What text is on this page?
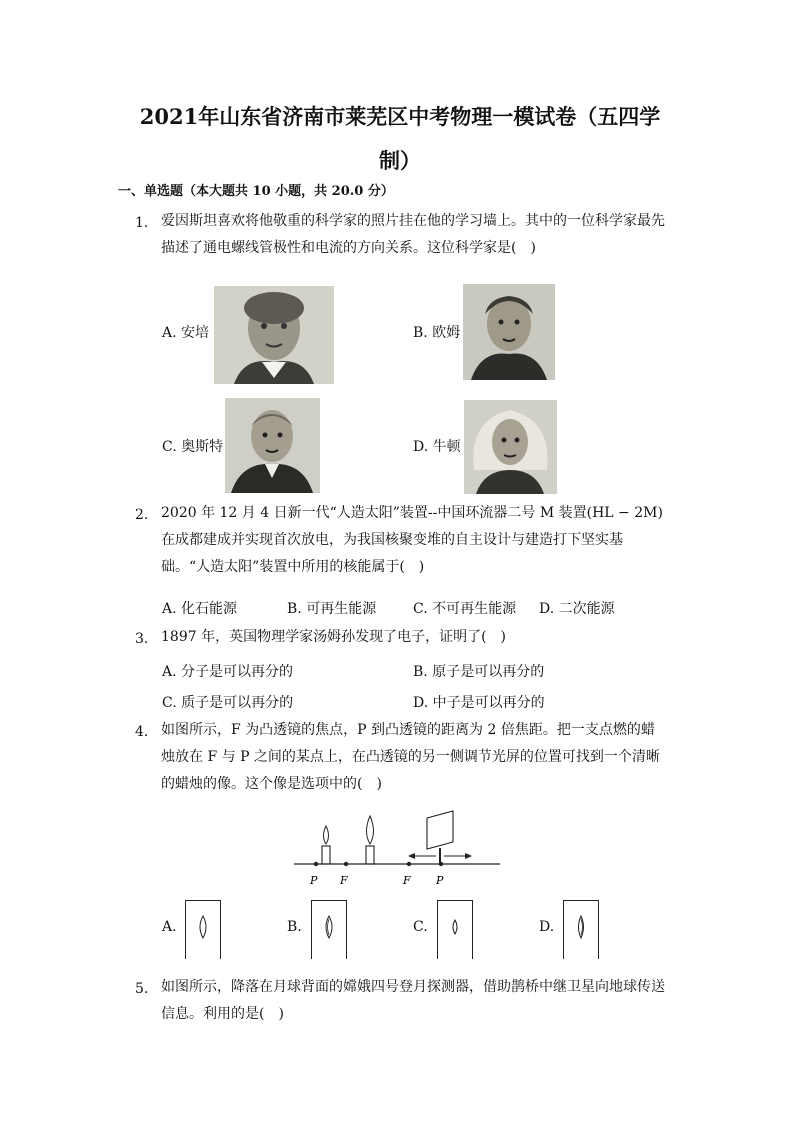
2021年山东省济南市莱芜区中考物理一模试卷（五四学
制）
一、单选题（本大题共 10 小题，共 20.0 分）
1. 爱因斯坦喜欢将他敬重的科学家的照片挂在他的学习墙上。其中的一位科学家最先描述了通电螺线管极性和电流的方向关系。这位科学家是(　)
A. 安培	B. 欧姆
C. 奥斯特	D. 牛顿
2. 2020 年 12 月 4 日新一代“人造太阳”装置--中国环流器二号 M 装置(HL − 2M)在成都建成并实现首次放电，为我国核聚变堆的自主设计与建造打下坚实基础。“人造太阳”装置中所用的核能属于(　)
A. 化石能源	B. 可再生能源	C. 不可再生能源 D. 二次能源
3. 1897 年，英国物理学家汤姆孙发现了电子，证明了(　)
A. 分子是可以再分的	B. 原子是可以再分的
C. 质子是可以再分的	D. 中子是可以再分的
4. 如图所示，F 为凸透镜的焦点，P 到凸透镜的距离为 2 倍焦距。把一支点燃的蜡烛放在 F 与 P 之间的某点上，在凸透镜的另一侧调节光屏的位置可找到一个清晰的蜡烛的像。这个像是选项中的(　)
P F	F P
A.	B.	C.	D.
5. 如图所示，降落在月球背面的嫦娥四号登月探测器，借助鹊桥中继卫星向地球传送信息。利用的是(　)
